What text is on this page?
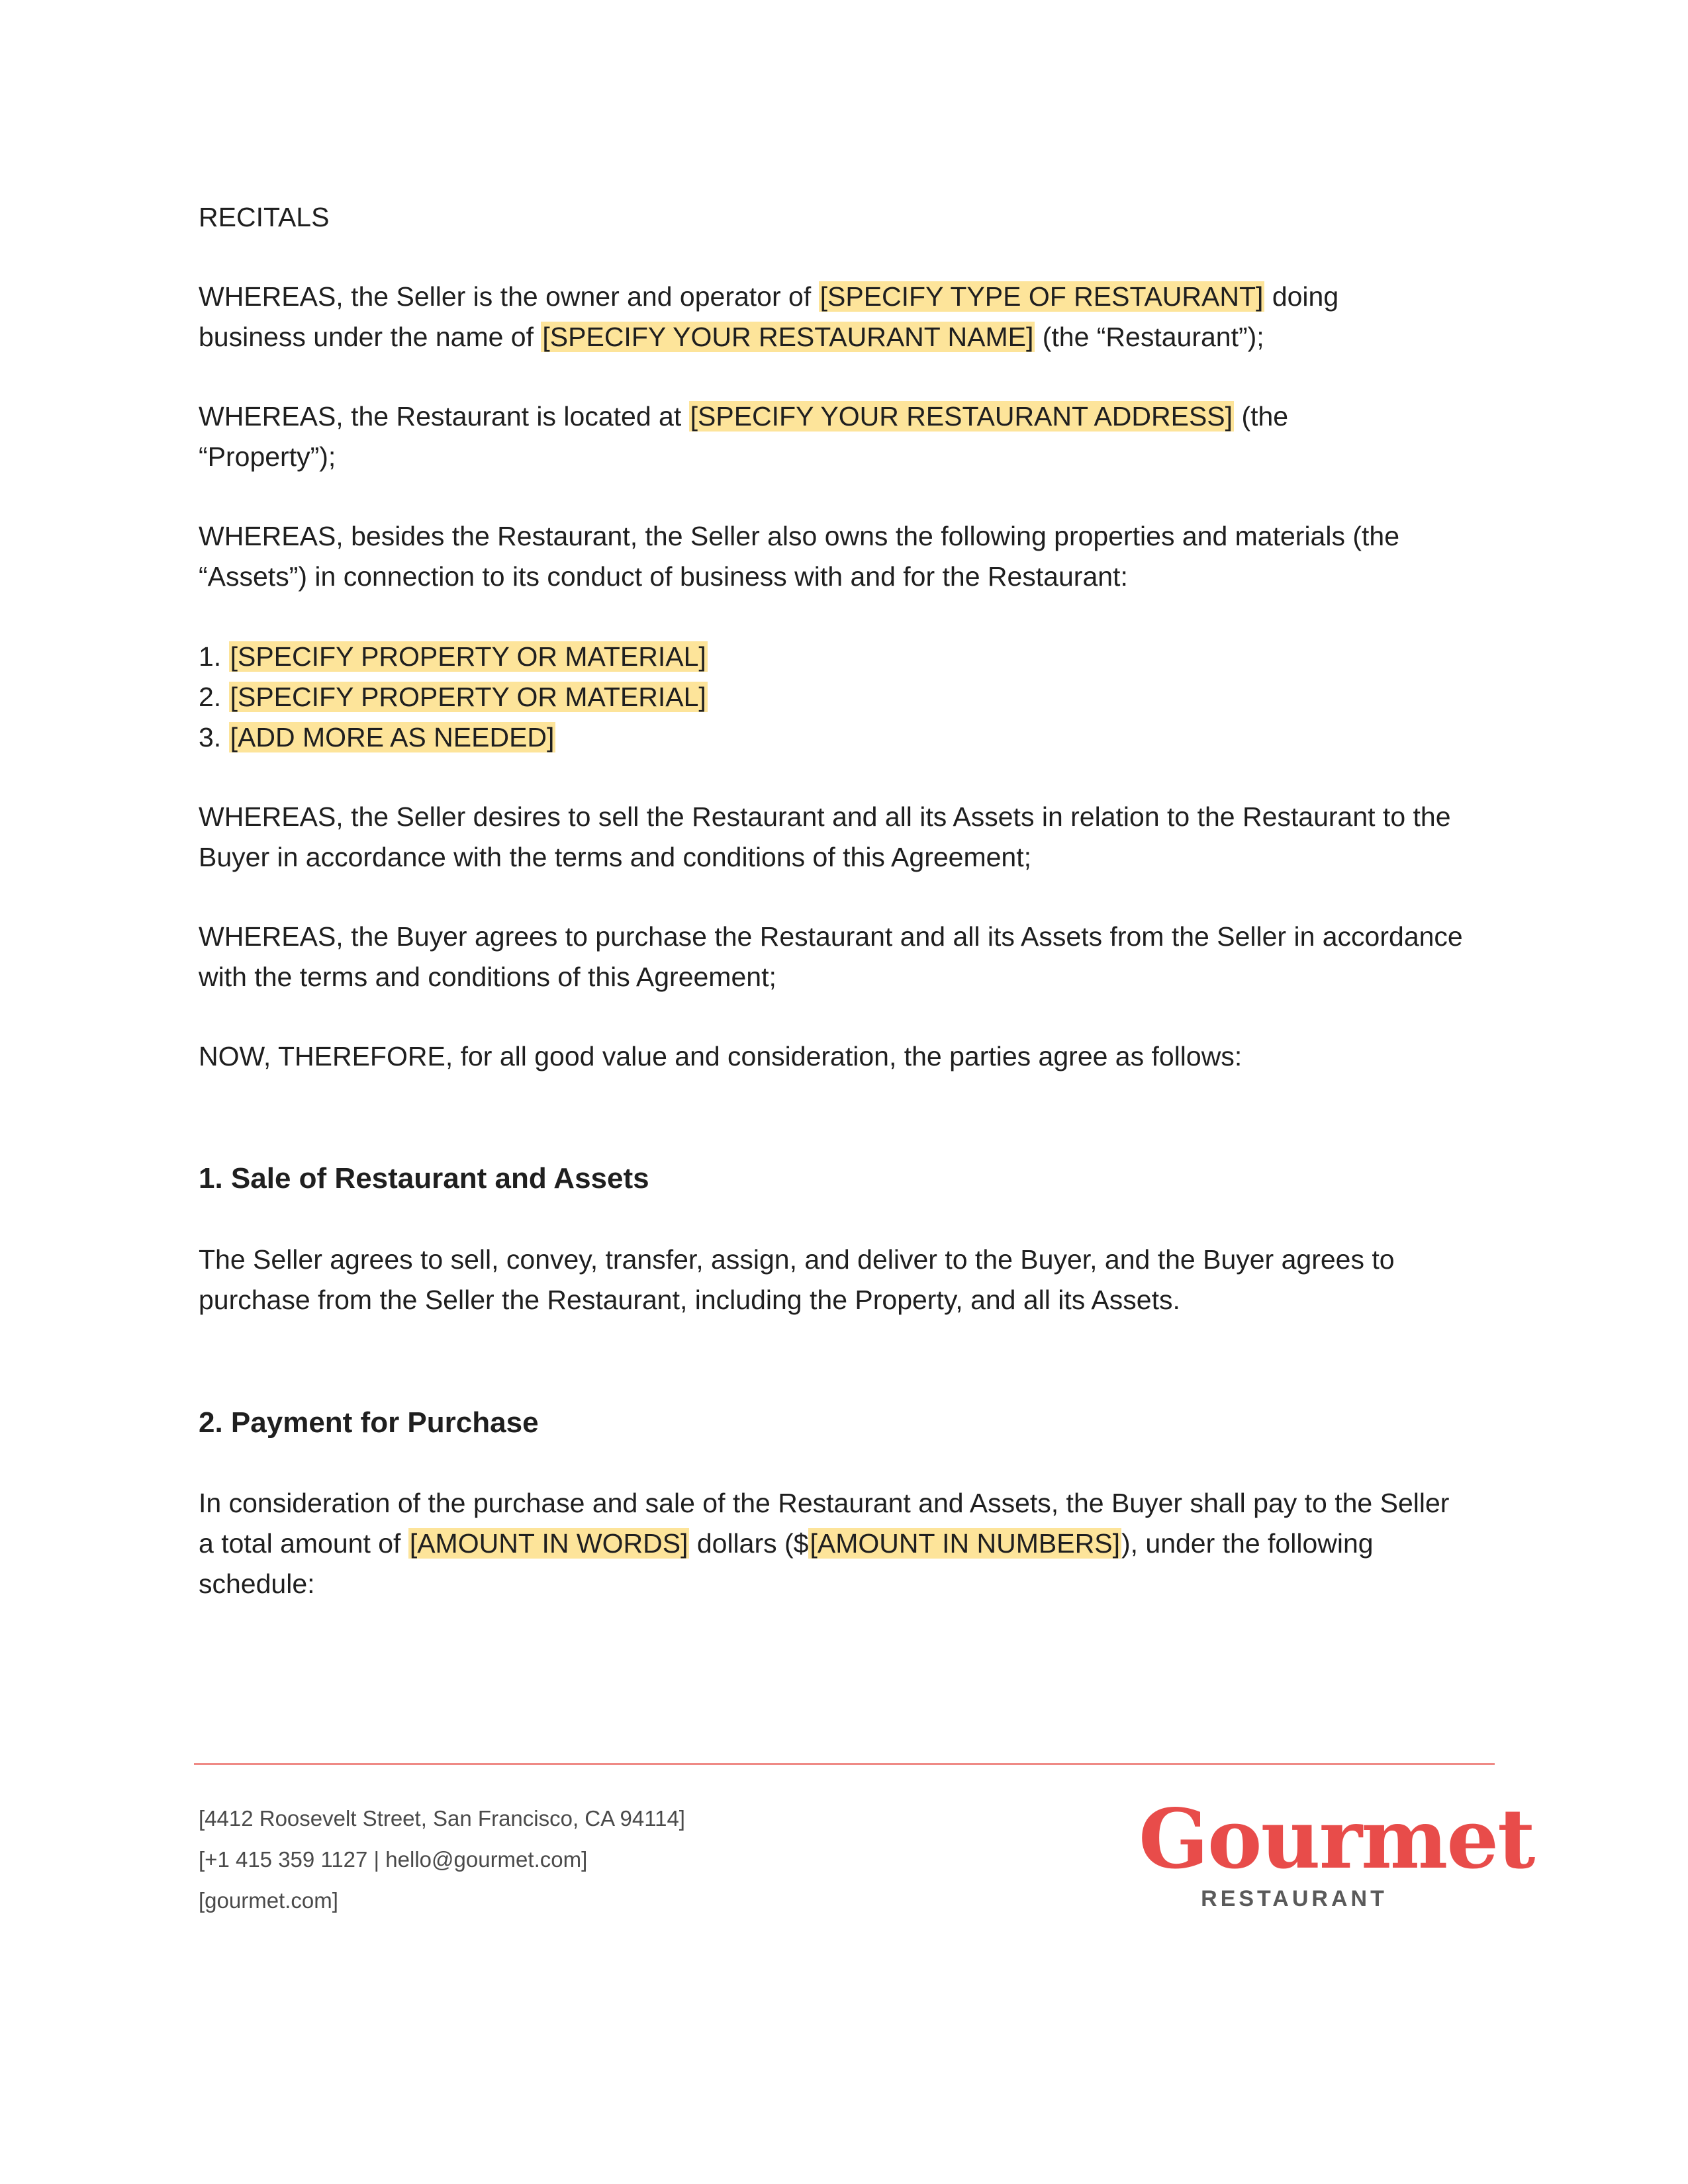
RECITALS

WHEREAS, the Seller is the owner and operator of [SPECIFY TYPE OF RESTAURANT] doing
business under the name of [SPECIFY YOUR RESTAURANT NAME] (the “Restaurant”);

WHEREAS, the Restaurant is located at [SPECIFY YOUR RESTAURANT ADDRESS] (the
“Property”);

WHEREAS, besides the Restaurant, the Seller also owns the following properties and materials (the
“Assets”) in connection to its conduct of business with and for the Restaurant:

1. [SPECIFY PROPERTY OR MATERIAL]
2. [SPECIFY PROPERTY OR MATERIAL]
3. [ADD MORE AS NEEDED]

WHEREAS, the Seller desires to sell the Restaurant and all its Assets in relation to the Restaurant to the
Buyer in accordance with the terms and conditions of this Agreement;

WHEREAS, the Buyer agrees to purchase the Restaurant and all its Assets from the Seller in accordance
with the terms and conditions of this Agreement;

NOW, THEREFORE, for all good value and consideration, the parties agree as follows:

1. Sale of Restaurant and Assets

The Seller agrees to sell, convey, transfer, assign, and deliver to the Buyer, and the Buyer agrees to
purchase from the Seller the Restaurant, including the Property, and all its Assets.

2. Payment for Purchase

In consideration of the purchase and sale of the Restaurant and Assets, the Buyer shall pay to the Seller
a total amount of [AMOUNT IN WORDS] dollars ($[AMOUNT IN NUMBERS]), under the following
schedule:

[4412 Roosevelt Street, San Francisco, CA 94114]

[+1 415 359 1127 | hello@gourmet.com]

[gourmet.com]

Gourmet
RESTAURANT
